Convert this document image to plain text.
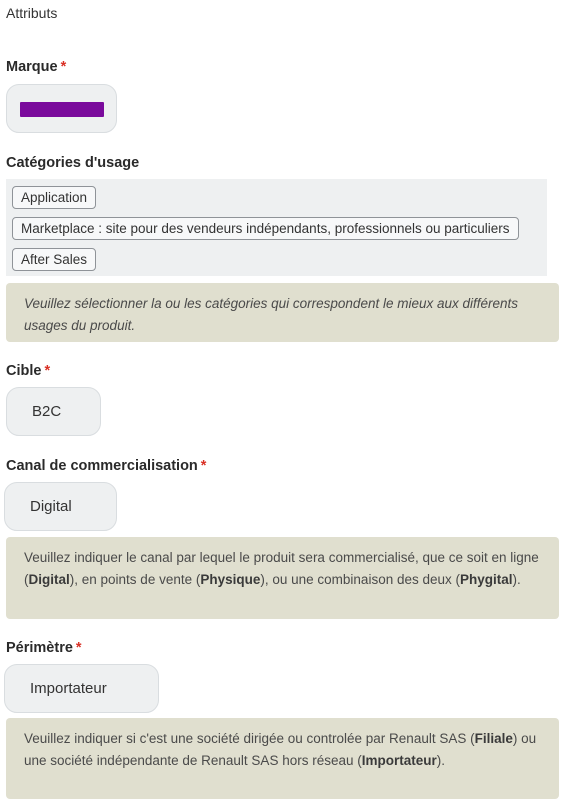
Attributs
Marque *
Catégories d'usage
Application
Marketplace : site pour des vendeurs indépendants, professionnels ou particuliers
After Sales
Veuillez sélectionner la ou les catégories qui correspondent le mieux aux différents usages du produit.
Cible *
B2C
Canal de commercialisation *
Digital
Veuillez indiquer le canal par lequel le produit sera commercialisé, que ce soit en ligne (Digital), en points de vente (Physique), ou une combinaison des deux (Phygital).
Périmètre *
Importateur
Veuillez indiquer si c'est une société dirigée ou controlée par Renault SAS (Filiale) ou une société indépendante de Renault SAS hors réseau (Importateur).
